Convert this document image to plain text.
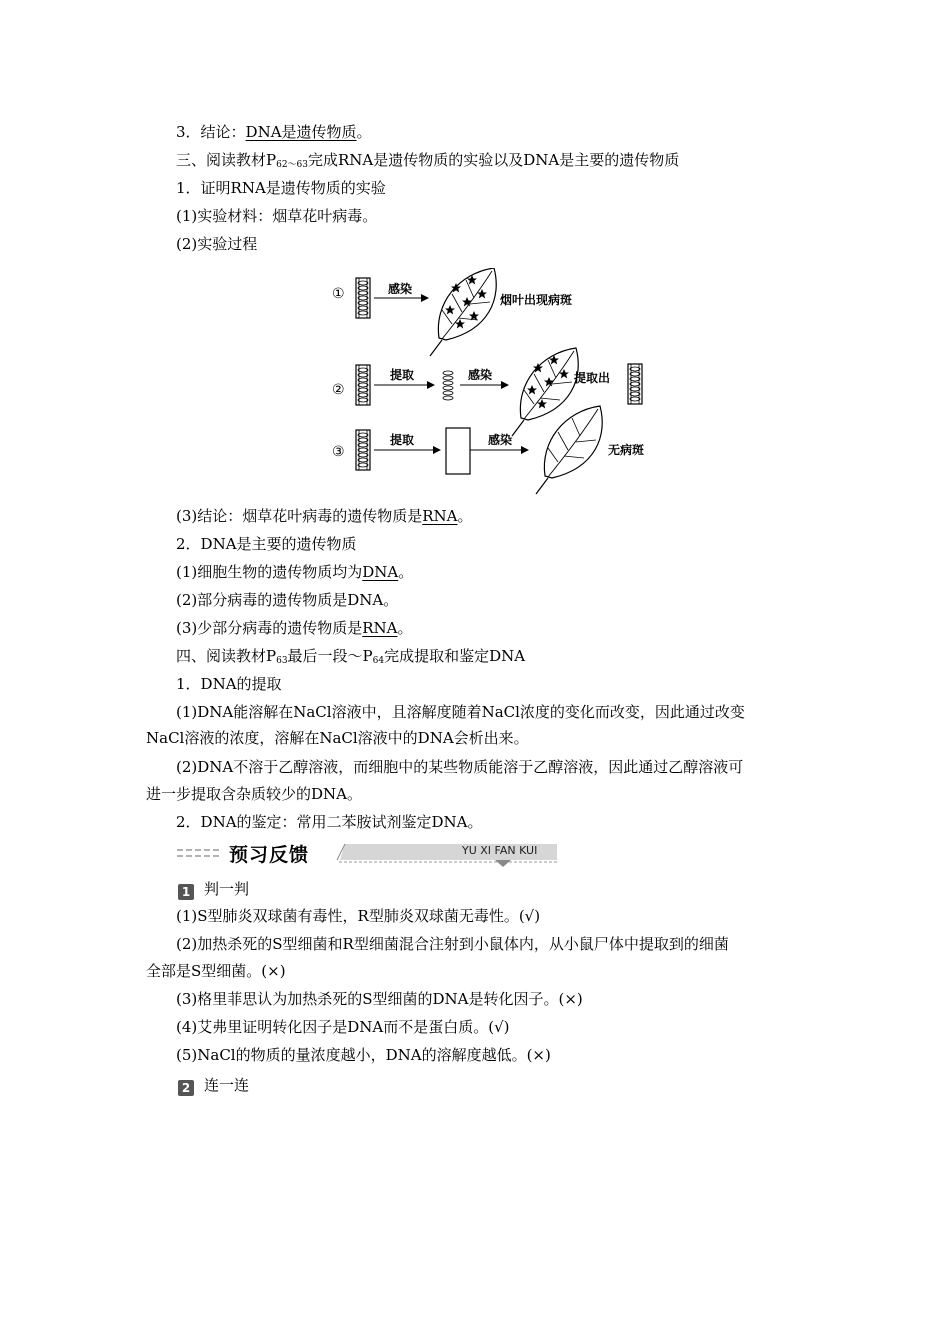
3．结论：DNA是遗传物质。
三、阅读教材$P_{62\sim 63}$完成RNA是遗传物质的实验以及DNA是主要的遗传物质
1．证明RNA是遗传物质的实验
(1)实验材料：烟草花叶病毒。
(2)实验过程
①	感染
烟叶出现病斑
②
提取	感染	提取出
③
提取	感染
无病斑
(3)结论：烟草花叶病毒的遗传物质是RNA。
2．DNA是主要的遗传物质
(1)细胞生物的遗传物质均为DNA。
(2)部分病毒的遗传物质是DNA。
(3)少部分病毒的遗传物质是RNA。
四、阅读教材$P_{63}$最后一段$\sim P_{64}$完成提取和鉴定DNA
1．DNA的提取
(1)DNA能溶解在NaCl溶液中，且溶解度随着NaCl浓度的变化而改变，因此通过改变
NaCl溶液的浓度，溶解在NaCl溶液中的DNA会析出来。
(2)DNA不溶于乙醇溶液，而细胞中的某些物质能溶于乙醇溶液，因此通过乙醇溶液可
进一步提取含杂质较少的DNA。
2．DNA的鉴定：常用二苯胺试剂鉴定DNA。
预习反馈	YU XI FAN KUI
1 判一判
(1)S型肺炎双球菌有毒性，R型肺炎双球菌无毒性。(√)
(2)加热杀死的S型细菌和R型细菌混合注射到小鼠体内，从小鼠尸体中提取到的细菌
全部是S型细菌。(×)
(3)格里菲思认为加热杀死的S型细菌的DNA是转化因子。(×)
(4)艾弗里证明转化因子是DNA而不是蛋白质。(√)
(5)NaCl的物质的量浓度越小，DNA的溶解度越低。(×)
2 连一连
